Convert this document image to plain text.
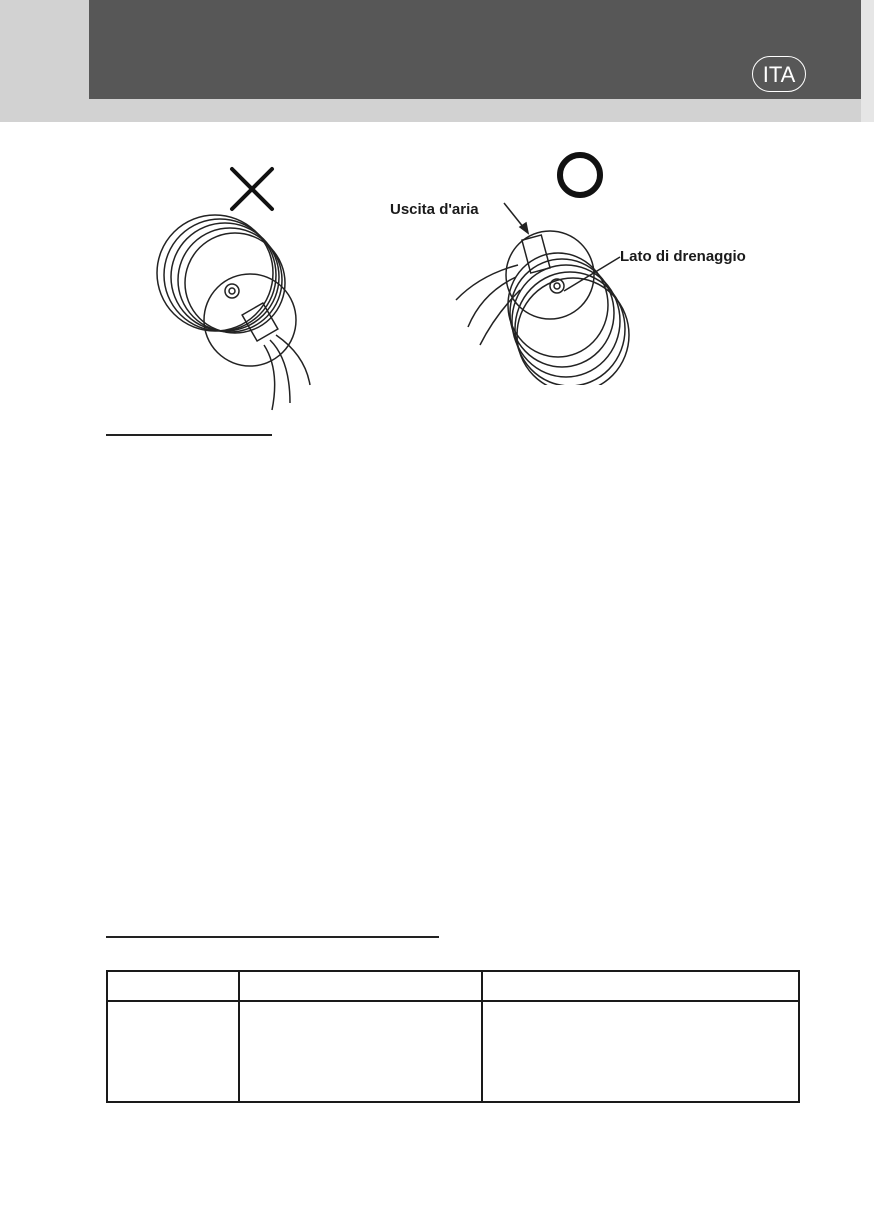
ITA
Uscita d'aria
Lato di drenaggio
